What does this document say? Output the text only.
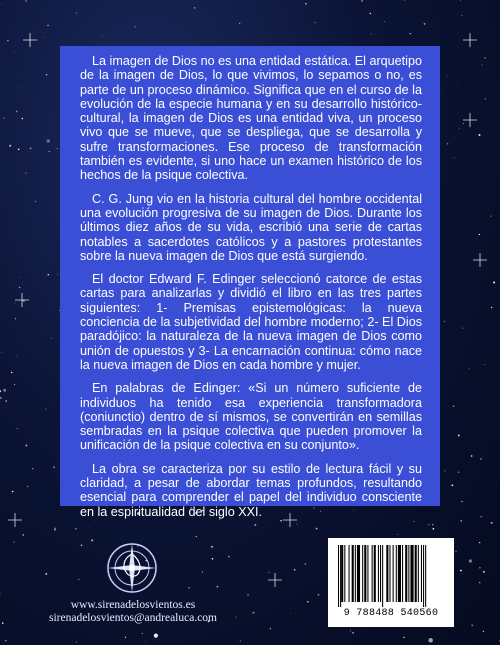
La imagen de Dios no es una entidad estática. El arquetipo de la imagen de Dios, lo que vivimos, lo sepamos o no, es parte de un proceso dinámico. Significa que en el curso de la evolución de la especie humana y en su desarrollo histórico-cultural, la imagen de Dios es una entidad viva, un proceso vivo que se mueve, que se despliega, que se desarrolla y sufre transformaciones. Ese proceso de transformación también es evidente, si uno hace un examen histórico de los hechos de la psique colectiva.

C. G. Jung vio en la historia cultural del hombre occidental una evolución progresiva de su imagen de Dios. Durante los últimos diez años de su vida, escribió una serie de cartas notables a sacerdotes católicos y a pastores protestantes sobre la nueva imagen de Dios que está surgiendo.

El doctor Edward F. Edinger seleccionó catorce de estas cartas para analizarlas y dividió el libro en las tres partes siguientes: 1- Premisas epistemológicas: la nueva conciencia de la subjetividad del hombre moderno; 2- El Dios paradójico: la naturaleza de la nueva imagen de Dios como unión de opuestos y 3- La encarnación continua: cómo nace la nueva imagen de Dios en cada hombre y mujer.

En palabras de Edinger: «Si un número suficiente de individuos ha tenido esa experiencia transformadora (coniunctio) dentro de sí mismos, se convertirán en semillas sembradas en la psique colectiva que pueden promover la unificación de la psique colectiva en su conjunto».

La obra se caracteriza por su estilo de lectura fácil y su claridad, a pesar de abordar temas profundos, resultando esencial para comprender el papel del individuo consciente en la espiritualidad del siglo XXI.

www.sirenadelosvientos.es
sirenadelosvientos@andrealuca.com	9 788488 540560
